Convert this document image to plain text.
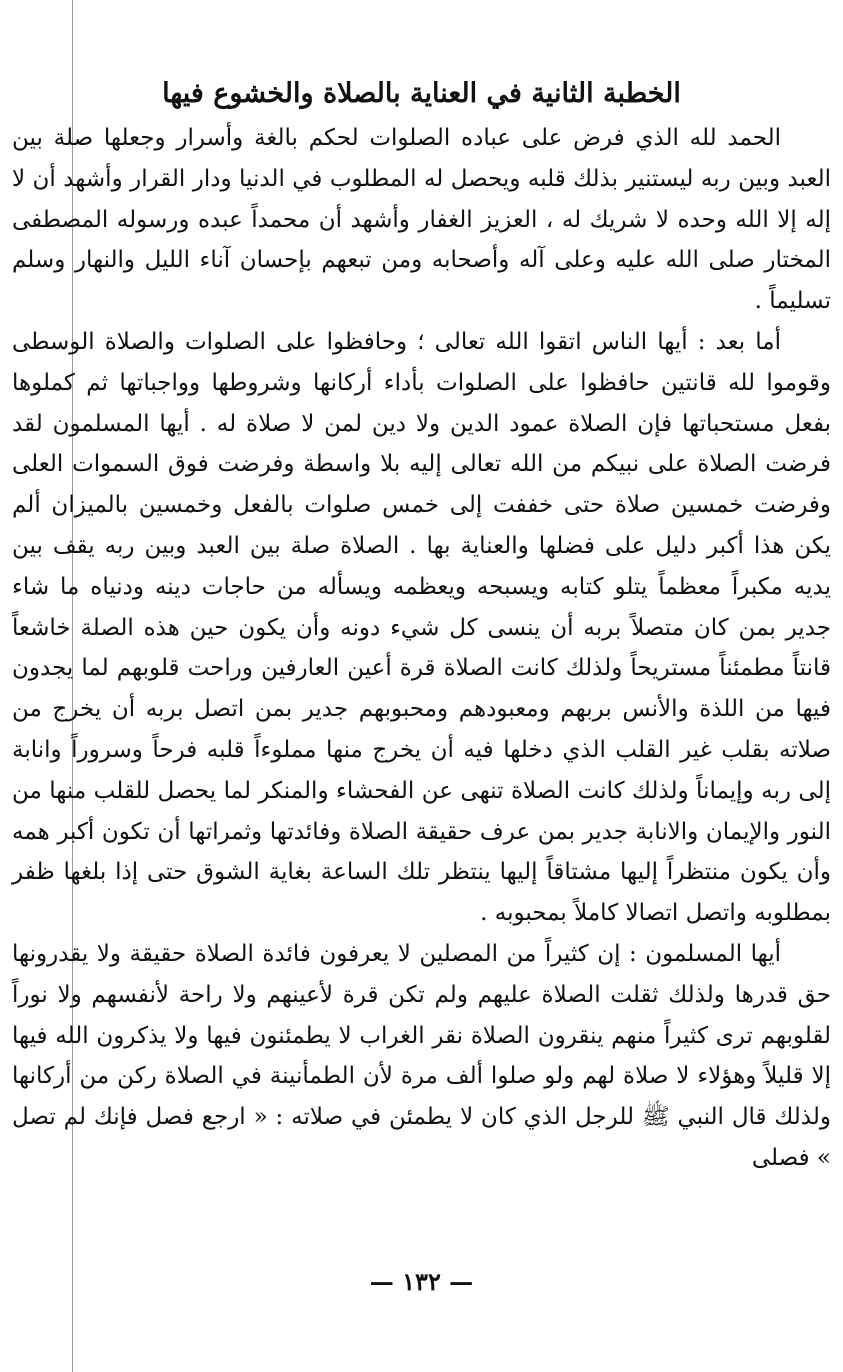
الخطبة الثانية في العناية بالصلاة والخشوع فيها

الحمد لله الذي فرض على عباده الصلوات لحكم بالغة وأسرار وجعلها صلة بين العبد وبين ربه ليستنير بذلك قلبه ويحصل له المطلوب في الدنيا ودار القرار وأشهد أن لا إله إلا الله وحده لا شريك له ، العزيز الغفار وأشهد أن محمداً عبده ورسوله المصطفى المختار صلى الله عليه وعلى آله وأصحابه ومن تبعهم بإحسان آناء الليل والنهار وسلم تسليماً .

أما بعد : أيها الناس اتقوا الله تعالى ؛ وحافظوا على الصلوات والصلاة الوسطى وقوموا لله قانتين حافظوا على الصلوات بأداء أركانها وشروطها وواجباتها ثم كملوها بفعل مستحباتها فإن الصلاة عمود الدين ولا دين لمن لا صلاة له . أيها المسلمون لقد فرضت الصلاة على نبيكم من الله تعالى إليه بلا واسطة وفرضت فوق السموات العلى وفرضت خمسين صلاة حتى خففت إلى خمس صلوات بالفعل وخمسين بالميزان ألم يكن هذا أكبر دليل على فضلها والعناية بها . الصلاة صلة بين العبد وبين ربه يقف بين يديه مكبراً معظماً يتلو كتابه ويسبحه ويعظمه ويسأله من حاجات دينه ودنياه ما شاء جدير بمن كان متصلاً بربه أن ينسى كل شيء دونه وأن يكون حين هذه الصلة خاشعاً قانتاً مطمئناً مستريحاً ولذلك كانت الصلاة قرة أعين العارفين وراحت قلوبهم لما يجدون فيها من اللذة والأنس بربهم ومعبودهم ومحبوبهم جدير بمن اتصل بربه أن يخرج من صلاته بقلب غير القلب الذي دخلها فيه أن يخرج منها مملوءاً قلبه فرحاً وسروراً وانابة إلى ربه وإيماناً ولذلك كانت الصلاة تنهى عن الفحشاء والمنكر لما يحصل للقلب منها من النور والإيمان والانابة جدير بمن عرف حقيقة الصلاة وفائدتها وثمراتها أن تكون أكبر همه وأن يكون منتظراً إليها مشتاقاً إليها ينتظر تلك الساعة بغاية الشوق حتى إذا بلغها ظفر بمطلوبه واتصل اتصالا كاملاً بمحبوبه .

أيها المسلمون : إن كثيراً من المصلين لا يعرفون فائدة الصلاة حقيقة ولا يقدرونها حق قدرها ولذلك ثقلت الصلاة عليهم ولم تكن قرة لأعينهم ولا راحة لأنفسهم ولا نوراً لقلوبهم ترى كثيراً منهم ينقرون الصلاة نقر الغراب لا يطمئنون فيها ولا يذكرون الله فيها إلا قليلاً وهؤلاء لا صلاة لهم ولو صلوا ألف مرة لأن الطمأنينة في الصلاة ركن من أركانها ولذلك قال النبي ﷺ للرجل الذي كان لا يطمئن في صلاته : « ارجع فصل فإنك لم تصل » فصلى

— ١٣٢ —
